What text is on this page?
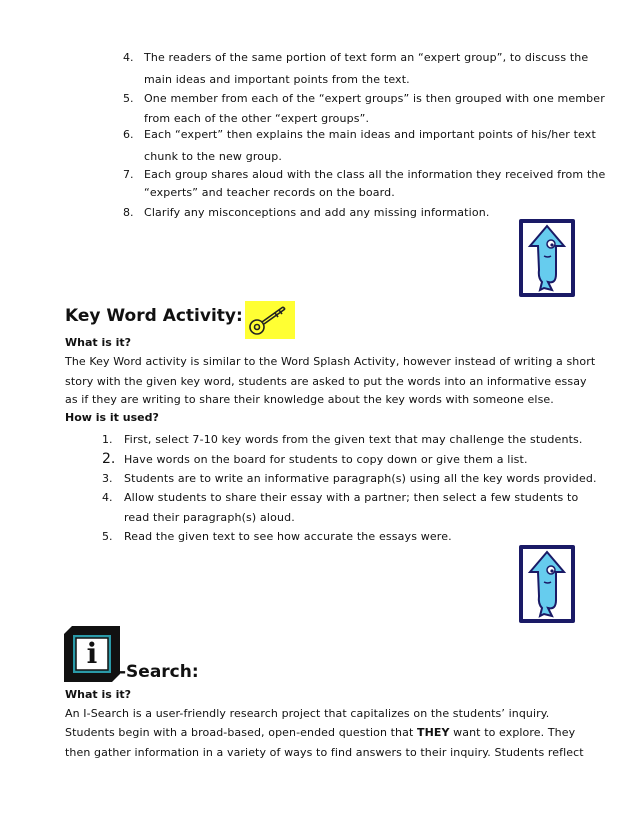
4. The readers of the same portion of text form an “expert group”, to discuss the
main ideas and important points from the text.
5. One member from each of the “expert groups” is then grouped with one member
from each of the other “expert groups”.
6. Each “expert” then explains the main ideas and important points of his/her text
chunk to the new group.
7. Each group shares aloud with the class all the information they received from the
“experts” and teacher records on the board.
8. Clarify any misconceptions and add any missing information.
Key Word Activity:
What is it?
The Key Word activity is similar to the Word Splash Activity, however instead of writing a short
story with the given key word, students are asked to put the words into an informative essay
as if they are writing to share their knowledge about the key words with someone else.
How is it used?
1. First, select 7-10 key words from the given text that may challenge the students.
2. Have words on the board for students to copy down or give them a list.
3. Students are to write an informative paragraph(s) using all the key words provided.
4. Allow students to share their essay with a partner; then select a few students to
read their paragraph(s) aloud.
5. Read the given text to see how accurate the essays were.
i
-Search:
What is it?
An I-Search is a user-friendly research project that capitalizes on the students’ inquiry.
Students begin with a broad-based, open-ended question that THEY want to explore. They
then gather information in a variety of ways to find answers to their inquiry. Students reflect
